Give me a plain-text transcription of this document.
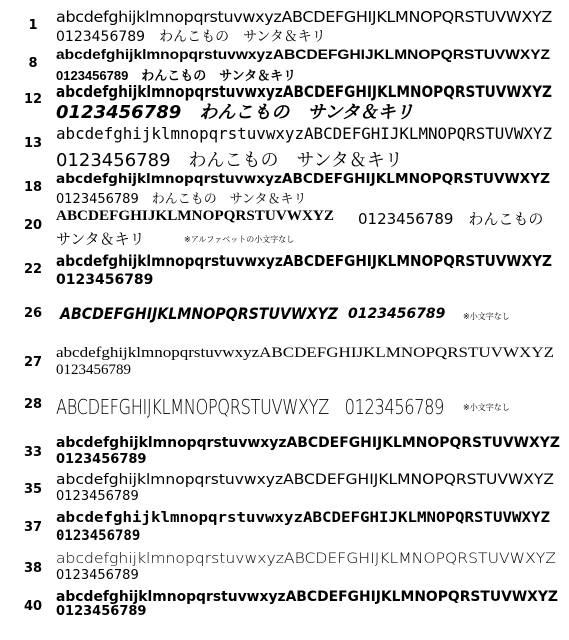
1	abcdefghijklmnopqrstuvwxyzABCDEFGHIJKLMNOPQRSTUVWXYZ
0123456789　わんこもの　サンタ＆キリ
8
abcdefghijklmnopqrstuvwxyzABCDEFGHIJKLMNOPQRSTUVWXYZ
0123456789　わんこもの　サンタ＆キリ
12 abcdefghijklmnopqrstuvwxyzABCDEFGHIJKLMNOPQRSTUVWXYZ
0123456789　わんこもの　サンタ＆キリ
13
abcdefghijklmnopqrstuvwxyzABCDEFGHIJKLMNOPQRSTUVWXYZ
0123456789　わんこもの　サンタ＆キリ
18
abcdefghijklmnopqrstuvwxyzABCDEFGHIJKLMNOPQRSTUVWXYZ
0123456789　わんこもの　サンタ＆キリ
20
ABCDEFGHIJKLMNOPQRSTUVWXYZ 0123456789　わんこもの
サンタ＆キリ	※アルファベットの小文字なし
22 abcdefghijklmnopqrstuvwxyzABCDEFGHIJKLMNOPQRSTUVWXYZ
0123456789
26 ABCDEFGHIJKLMNOPQRSTUVWXYZ 0123456789 ※小文字なし
27
abcdefghijklmnopqrstuvwxyzABCDEFGHIJKLMNOPQRSTUVWXYZ
0123456789
28 ABCDEFGHIJKLMNOPQRSTUVWXYZ　0123456789	※小文字なし
33
abcdefghijklmnopqrstuvwxyzABCDEFGHIJKLMNOPQRSTUVWXYZ
0123456789
35
abcdefghijklmnopqrstuvwxyzABCDEFGHIJKLMNOPQRSTUVWXYZ
0123456789
37
abcdefghijklmnopqrstuvwxyzABCDEFGHIJKLMNOPQRSTUVWXYZ
0123456789
38
abcdefghijklmnopqrstuvwxyzABCDEFGHIJKLMNOPQRSTUVWXYZ
0123456789
40
abcdefghijklmnopqrstuvwxyzABCDEFGHIJKLMNOPQRSTUVWXYZ
0123456789
